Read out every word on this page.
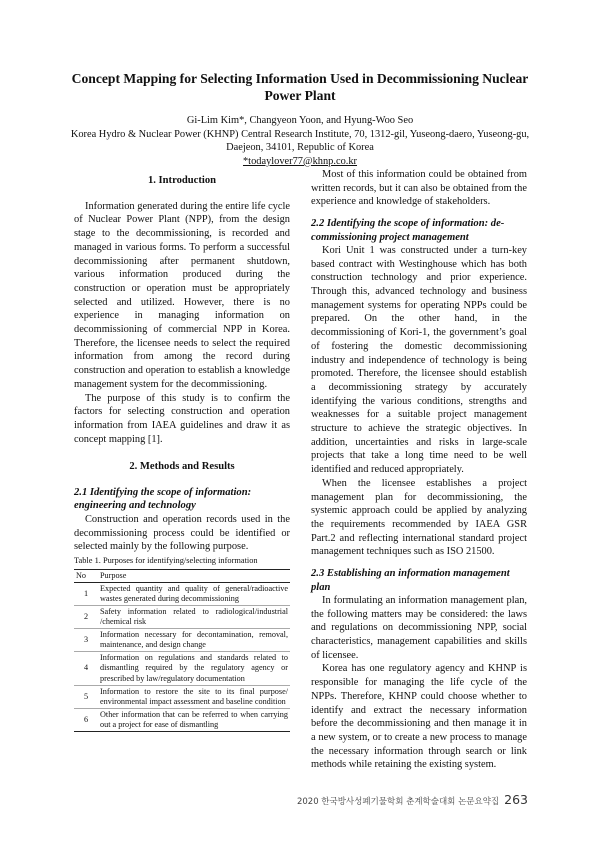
Concept Mapping for Selecting Information Used in Decommissioning Nuclear Power Plant
Gi-Lim Kim*, Changyeon Yoon, and Hyung-Woo Seo
Korea Hydro & Nuclear Power (KHNP) Central Research Institute, 70, 1312-gil, Yuseong-daero, Yuseong-gu, Daejeon, 34101, Republic of Korea
*todaylover77@khnp.co.kr
1. Introduction

Information generated during the entire life cycle of Nuclear Power Plant (NPP), from the design stage to the decommissioning, is recorded and managed in various forms. To perform a successful decommissioning after permanent shutdown, various information produced during the construction or operation must be appropriately selected and utilized. However, there is no experience in managing information on decommissioning of commercial NPP in Korea. Therefore, the licensee needs to select the required information from among the record during construction and operation to establish a knowledge management system for the decommissioning.

The purpose of this study is to confirm the factors for selecting construction and operation information from IAEA guidelines and draw it as concept mapping [1].

2. Methods and Results
2.1 Identifying the scope of information: engineering and technology

Construction and operation records used in the decommissioning process could be identified or selected mainly by the following purpose.

Table 1. Purposes for identifying/selecting information

No	Purpose
1	Expected quantity and quality of general/radioactive wastes generated during decommissioning
2	Safety information related to radiological/industrial /chemical risk
3	Information necessary for decontamination, removal, maintenance, and design change
4	Information on regulations and standards related to dismantling required by the regulatory agency or prescribed by law/regulatory documentation
5	Information to restore the site to its final purpose/ environmental impact assessment and baseline condition
6	Other information that can be referred to when carrying out a project for ease of dismantling

Most of this information could be obtained from written records, but it can also be obtained from the experience and knowledge of stakeholders.

2.2 Identifying the scope of information: de-commissioning project management

Kori Unit 1 was constructed under a turn-key based contract with Westinghouse which has both construction technology and prior experience. Through this, advanced technology and business management systems for operating NPPs could be prepared. On the other hand, in the decommissioning of Kori-1, the government’s goal of fostering the domestic decommissioning industry and independence of technology is being promoted. Therefore, the licensee should establish a decommissioning strategy by accurately identifying the various conditions, strengths and weaknesses for a suitable project management structure to achieve the strategic objectives. In addition, uncertainties and risks in large-scale projects that take a long time need to be well identified and reduced appropriately.

When the licensee establishes a project management plan for decommissioning, the systemic approach could be applied by analyzing the requirements recommended by IAEA GSR Part.2 and reflecting international standard project management techniques such as ISO 21500.

2.3 Establishing an information management plan

In formulating an information management plan, the following matters may be considered: the laws and regulations on decommissioning NPP, social characteristics, management capabilities and skills of licensee.

Korea has one regulatory agency and KHNP is responsible for managing the life cycle of the NPPs. Therefore, KHNP could choose whether to identify and extract the necessary information before the decommissioning and then manage it in a new system, or to create a new process to manage the necessary information through search or link methods while retaining the existing system.

2020 한국방사성폐기물학회 춘계학술대회 논문요약집 263
